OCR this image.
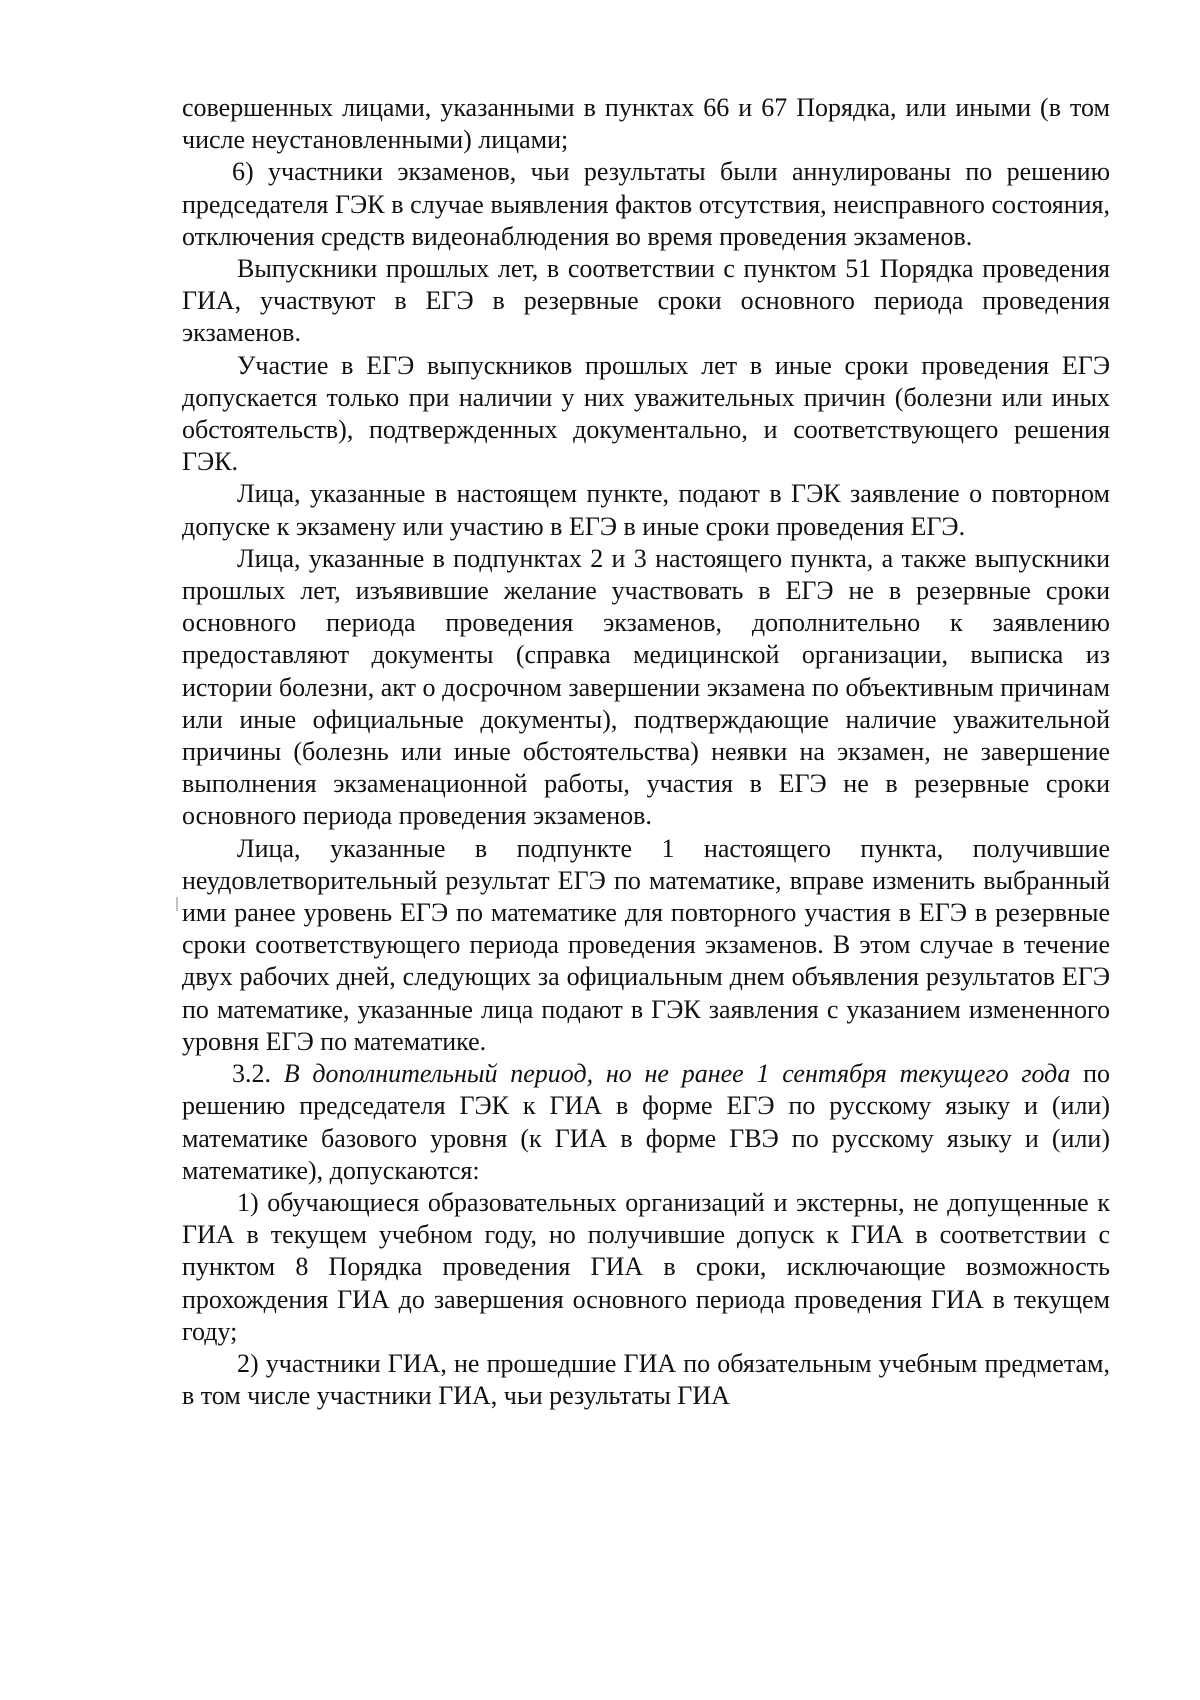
совершенных лицами, указанными в пунктах 66 и 67 Порядка, или иными (в том числе неустановленными) лицами;

6) участники экзаменов, чьи результаты были аннулированы по решению председателя ГЭК в случае выявления фактов отсутствия, неисправного состояния, отключения средств видеонаблюдения во время проведения экзаменов.

Выпускники прошлых лет, в соответствии с пунктом 51 Порядка проведения ГИА, участвуют в ЕГЭ в резервные сроки основного периода проведения экзаменов.

Участие в ЕГЭ выпускников прошлых лет в иные сроки проведения ЕГЭ допускается только при наличии у них уважительных причин (болезни или иных обстоятельств), подтвержденных документально, и соответствующего решения ГЭК.

Лица, указанные в настоящем пункте, подают в ГЭК заявление о повторном допуске к экзамену или участию в ЕГЭ в иные сроки проведения ЕГЭ.

Лица, указанные в подпунктах 2 и 3 настоящего пункта, а также выпускники прошлых лет, изъявившие желание участвовать в ЕГЭ не в резервные сроки основного периода проведения экзаменов, дополнительно к заявлению предоставляют документы (справка медицинской организации, выписка из истории болезни, акт о досрочном завершении экзамена по объективным причинам или иные официальные документы), подтверждающие наличие уважительной причины (болезнь или иные обстоятельства) неявки на экзамен, не завершение выполнения экзаменационной работы, участия в ЕГЭ не в резервные сроки основного периода проведения экзаменов.

Лица, указанные в подпункте 1 настоящего пункта, получившие неудовлетворительный результат ЕГЭ по математике, вправе изменить выбранный ими ранее уровень ЕГЭ по математике для повторного участия в ЕГЭ в резервные сроки соответствующего периода проведения экзаменов. В этом случае в течение двух рабочих дней, следующих за официальным днем объявления результатов ЕГЭ по математике, указанные лица подают в ГЭК заявления с указанием измененного уровня ЕГЭ по математике.

3.2. В дополнительный период, но не ранее 1 сентября текущего года по решению председателя ГЭК к ГИА в форме ЕГЭ по русскому языку и (или) математике базового уровня (к ГИА в форме ГВЭ по русскому языку и (или) математике), допускаются:

1) обучающиеся образовательных организаций и экстерны, не допущенные к ГИА в текущем учебном году, но получившие допуск к ГИА в соответствии с пунктом 8 Порядка проведения ГИА в сроки, исключающие возможность прохождения ГИА до завершения основного периода проведения ГИА в текущем году;

2) участники ГИА, не прошедшие ГИА по обязательным учебным предметам, в том числе участники ГИА, чьи результаты ГИА
